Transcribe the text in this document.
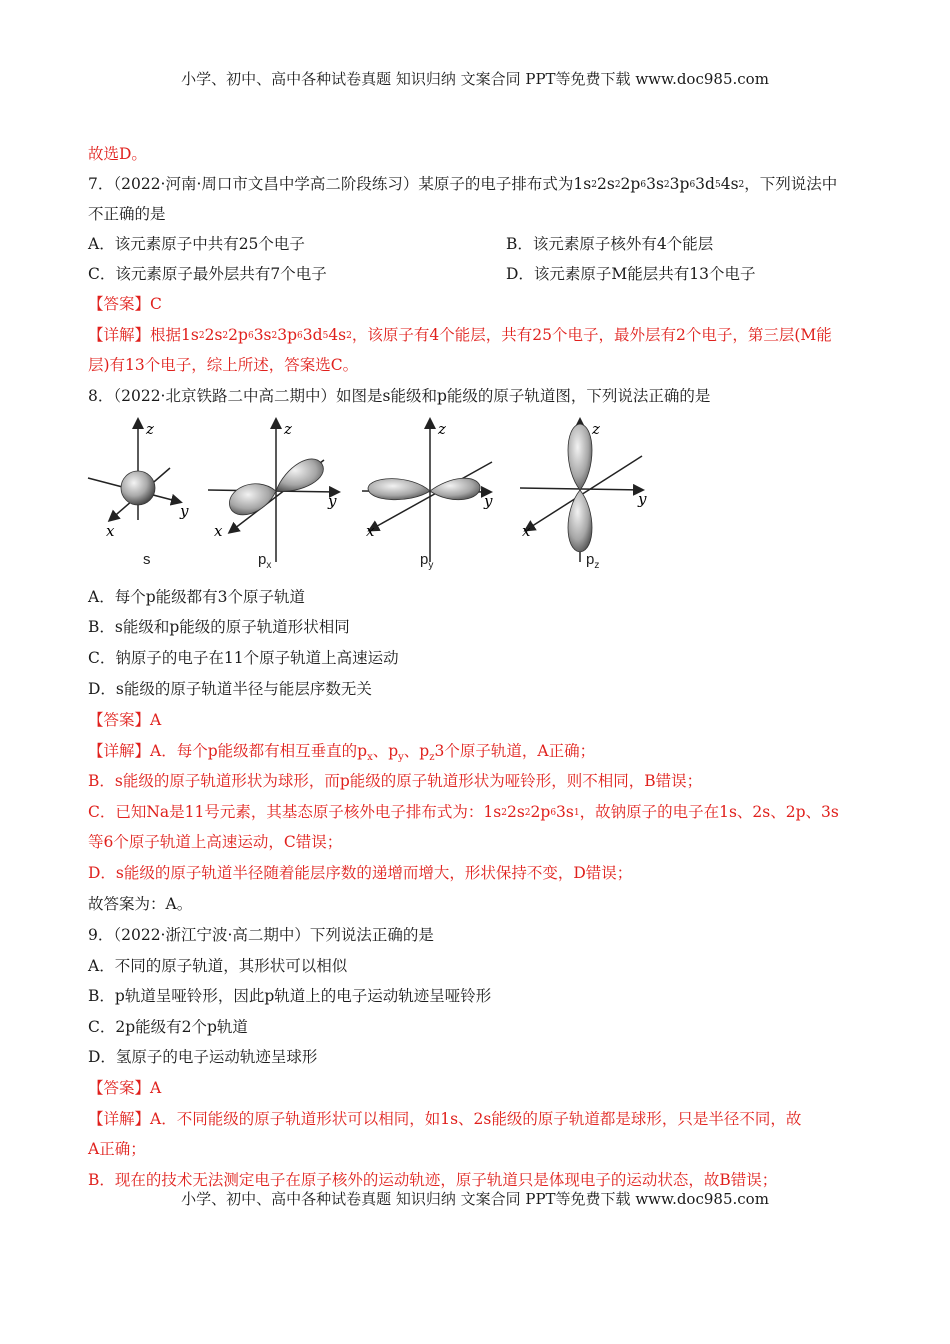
小学、初中、高中各种试卷真题 知识归纳 文案合同 PPT等免费下载 www.doc985.com
故选D。
7．（2022·河南·周口市文昌中学高二阶段练习）某原子的电子排布式为$1s^22s^22p^63s^23p^63d^54s^2$，下列说法中
不正确的是
A．该元素原子中共有25个电子	B．该元素原子核外有4个能层
C．该元素原子最外层共有7个电子	D．该元素原子M能层共有13个电子
【答案】C
【详解】根据$1s^22s^22p^63s^23p^63d^54s^2$，该原子有4个能层，共有25个电子，最外层有2个电子，第三层(M能
层)有13个电子，综上所述，答案选C。
8．（2022·北京铁路二中高二期中）如图是s能级和p能级的原子轨道图，下列说法正确的是
z
y
x
z
y
x
z
y
x
z
y
x
s	$p_x$	$p_y$	$p_z$
A．每个p能级都有3个原子轨道
B．s能级和p能级的原子轨道形状相同
C．钠原子的电子在11个原子轨道上高速运动
D．s能级的原子轨道半径与能层序数无关
【答案】A
【详解】A．每个p能级都有相互垂直的$p_x$、$p_y$、$p_z3$个原子轨道，A正确；
B．s能级的原子轨道形状为球形，而p能级的原子轨道形状为哑铃形，则不相同，B错误；
C．已知Na是11号元素，其基态原子核外电子排布式为：$1s^22s^22p^63s^1$，故钠原子的电子在1s、2s、2p、3s
等6个原子轨道上高速运动，C错误；
D．s能级的原子轨道半径随着能层序数的递增而增大，形状保持不变，D错误；
故答案为：A。
9．（2022·浙江宁波·高二期中）下列说法正确的是
A．不同的原子轨道，其形状可以相似
B．p轨道呈哑铃形，因此p轨道上的电子运动轨迹呈哑铃形
C．2p能级有2个p轨道
D．氢原子的电子运动轨迹呈球形
【答案】A
【详解】A．不同能级的原子轨道形状可以相同，如1s、2s能级的原子轨道都是球形，只是半径不同，故
A正确；
B．现在的技术无法测定电子在原子核外的运动轨迹，原子轨道只是体现电子的运动状态，故B错误；
小学、初中、高中各种试卷真题 知识归纳 文案合同 PPT等免费下载 www.doc985.com
